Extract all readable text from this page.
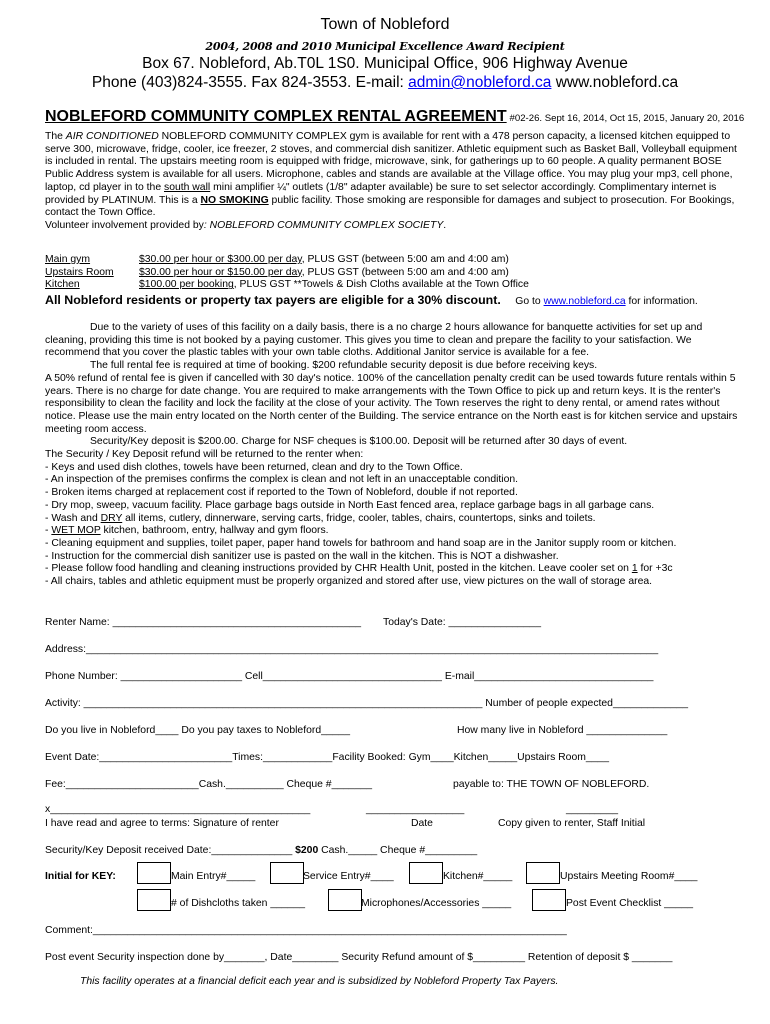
Town of Nobleford
2004, 2008 and 2010 Municipal Excellence Award Recipient
Box 67. Nobleford, Ab.T0L 1S0. Municipal Office, 906 Highway Avenue
Phone (403)824-3555. Fax 824-3553. E-mail: admin@nobleford.ca www.nobleford.ca
NOBLEFORD COMMUNITY COMPLEX RENTAL AGREEMENT #02-26. Sept 16, 2014, Oct 15, 2015, January 20, 2016
The AIR CONDITIONED NOBLEFORD COMMUNITY COMPLEX gym is available for rent with a 478 person capacity, a licensed kitchen equipped to serve 300, microwave, fridge, cooler, ice freezer, 2 stoves, and commercial dish sanitizer. Athletic equipment such as Basket Ball, Volleyball equipment is included in rental. The upstairs meeting room is equipped with fridge, microwave, sink, for gatherings up to 60 people. A quality permanent BOSE Public Address system is available for all users. Microphone, cables and stands are available at the Village office. You may plug your mp3, cell phone, laptop, cd player in to the south wall mini amplifier ¼" outlets (1/8" adapter available) be sure to set selector accordingly. Complimentary internet is provided by PLATINUM. This is a NO SMOKING public facility. Those smoking are responsible for damages and subject to prosecution. For Bookings, contact the Town Office.
Volunteer involvement provided by: NOBLEFORD COMMUNITY COMPLEX SOCIETY.
Main gym	$30.00 per hour or $300.00 per day, PLUS GST (between 5:00 am and 4:00 am)
Upstairs Room	$30.00 per hour or $150.00 per day, PLUS GST (between 5:00 am and 4:00 am)
Kitchen	$100.00 per booking, PLUS GST **Towels & Dish Cloths available at the Town Office
All Nobleford residents or property tax payers are eligible for a 30% discount. Go to www.nobleford.ca for information.
Due to the variety of uses of this facility on a daily basis, there is a no charge 2 hours allowance for banquette activities for set up and cleaning, providing this time is not booked by a paying customer. This gives you time to clean and prepare the facility to your satisfaction. We recommend that you cover the plastic tables with your own table cloths. Additional Janitor service is available for a fee.
The full rental fee is required at time of booking. $200 refundable security deposit is due before receiving keys.
A 50% refund of rental fee is given if cancelled with 30 day's notice. 100% of the cancellation penalty credit can be used towards future rentals within 5 years. There is no charge for date change. You are required to make arrangements with the Town Office to pick up and return keys. It is the renter's responsibility to clean the facility and lock the facility at the close of your activity. The Town reserves the right to deny rental, or amend rates without notice. Please use the main entry located on the North center of the Building. The service entrance on the North east is for kitchen service and upstairs meeting room access.
Security/Key deposit is $200.00. Charge for NSF cheques is $100.00. Deposit will be returned after 30 days of event.
The Security / Key Deposit refund will be returned to the renter when:
- Keys and used dish clothes, towels have been returned, clean and dry to the Town Office.
- An inspection of the premises confirms the complex is clean and not left in an unacceptable condition.
- Broken items charged at replacement cost if reported to the Town of Nobleford, double if not reported.
- Dry mop, sweep, vacuum facility. Place garbage bags outside in North East fenced area, replace garbage bags in all garbage cans.
- Wash and DRY all items, cutlery, dinnerware, serving carts, fridge, cooler, tables, chairs, countertops, sinks and toilets.
- WET MOP kitchen, bathroom, entry, hallway and gym floors.
- Cleaning equipment and supplies, toilet paper, paper hand towels for bathroom and hand soap are in the Janitor supply room or kitchen.
- Instruction for the commercial dish sanitizer use is pasted on the wall in the kitchen. This is NOT a dishwasher.
- Please follow food handling and cleaning instructions provided by CHR Health Unit, posted in the kitchen. Leave cooler set on 1 for +3c
- All chairs, tables and athletic equipment must be properly organized and stored after use, view pictures on the wall of storage area.
Renter Name: ___________________________________________ Today's Date: ________________
Address:___________________________________________________________________________________________________
Phone Number: _____________________ Cell_______________________________ E-mail_______________________________
Activity: _____________________________________________________________________ Number of people expected_____________
Do you live in Nobleford____ Do you pay taxes to Nobleford_____	How many live in Nobleford ______________
Event Date:_______________________Times:____________Facility Booked: Gym____Kitchen_____Upstairs Room____
Fee:_______________________Cash.__________ Cheque #_______	payable to: THE TOWN OF NOBLEFORD.
x_____________________________________________	_________________	_________
I have read and agree to terms: Signature of renter	Date	Copy given to renter, Staff Initial
Security/Key Deposit received Date:______________ $200 Cash._____ Cheque #_________
Initial for KEY:	Main Entry#_____	Service Entry#____	Kitchen#_____	Upstairs Meeting Room#____
# of Dishcloths taken ______	Microphones/Accessories _____	Post Event Checklist _____
Comment:__________________________________________________________________________________
Post event Security inspection done by_______, Date________ Security Refund amount of $_________ Retention of deposit $ _______
This facility operates at a financial deficit each year and is subsidized by Nobleford Property Tax Payers.
